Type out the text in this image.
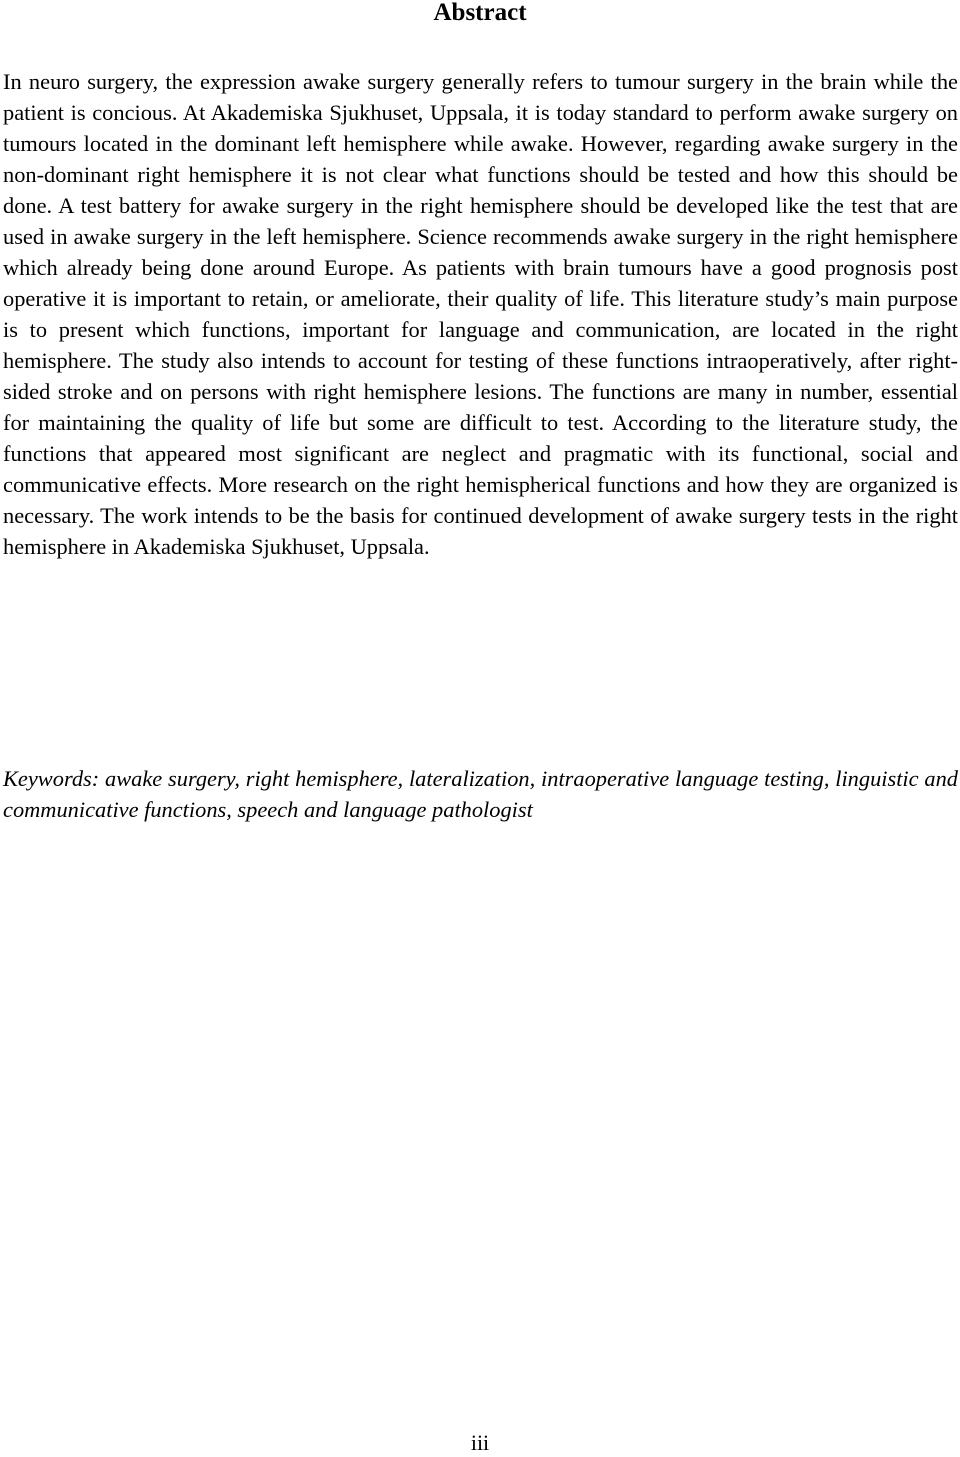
Abstract

In neuro surgery, the expression awake surgery generally refers to tumour surgery in the brain while the patient is concious. At Akademiska Sjukhuset, Uppsala, it is today standard to perform awake surgery on tumours located in the dominant left hemisphere while awake. However, regarding awake surgery in the non-dominant right hemisphere it is not clear what functions should be tested and how this should be done. A test battery for awake surgery in the right hemisphere should be developed like the test that are used in awake surgery in the left hemisphere. Science recommends awake surgery in the right hemisphere which already being done around Europe. As patients with brain tumours have a good prognosis post operative it is important to retain, or ameliorate, their quality of life. This literature study’s main purpose is to present which functions, important for language and communication, are located in the right hemisphere. The study also intends to account for testing of these functions intraoperatively, after right-sided stroke and on persons with right hemisphere lesions. The functions are many in number, essential for maintaining the quality of life but some are difficult to test. According to the literature study, the functions that appeared most significant are neglect and pragmatic with its functional, social and communicative effects. More research on the right hemispherical functions and how they are organized is necessary. The work intends to be the basis for continued development of awake surgery tests in the right hemisphere in Akademiska Sjukhuset, Uppsala.

Keywords: awake surgery, right hemisphere, lateralization, intraoperative language testing, linguistic and communicative functions, speech and language pathologist

iii
